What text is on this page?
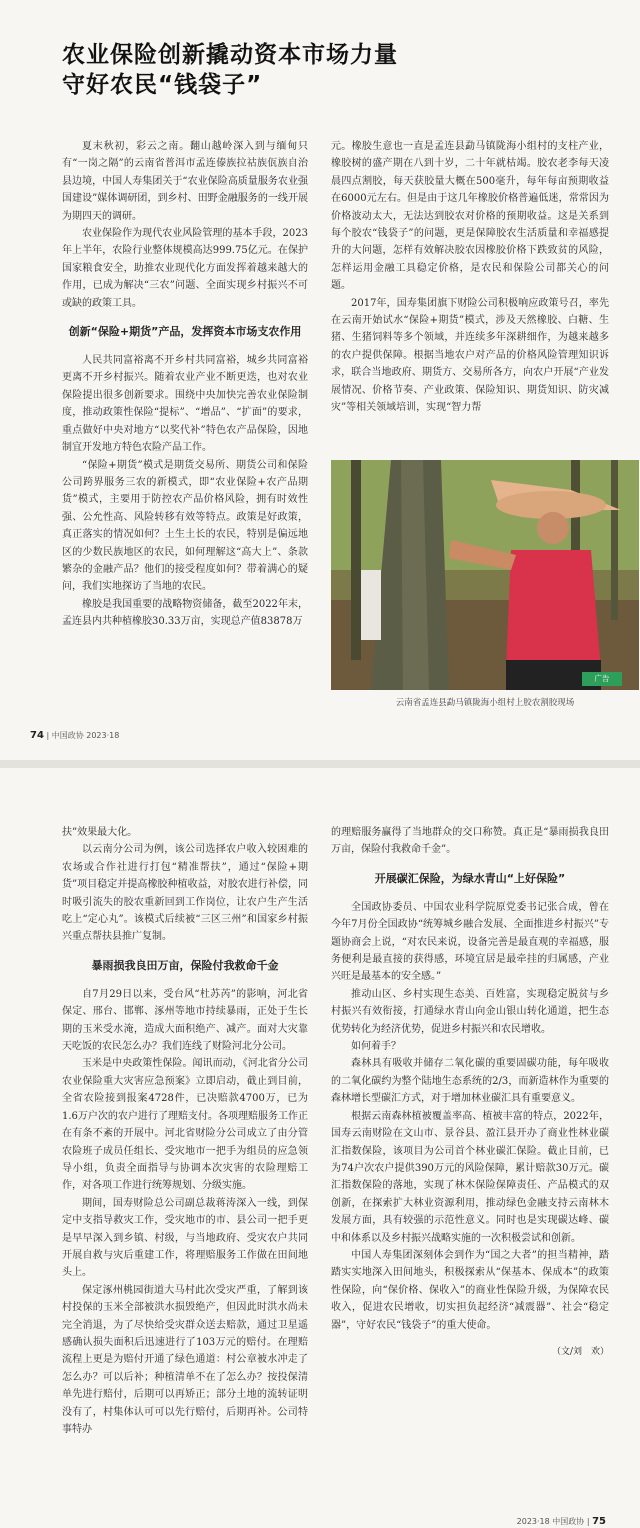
农业保险创新撬动资本市场力量
守好农民“钱袋子”

夏末秋初，彩云之南。翻山越岭深入到与缅甸只有“一岗之隔”的云南省普洱市孟连傣族拉祜族佤族自治县边境，中国人寿集团关于“农业保险高质量服务农业强国建设”媒体调研团，到乡村、田野金融服务的一线开展为期四天的调研。

农业保险作为现代农业风险管理的基本手段，2023年上半年，农险行业整体规模高达999.75亿元。在保护国家粮食安全，助推农业现代化方面发挥着越来越大的作用，已成为解决“三农”问题、全面实现乡村振兴不可或缺的政策工具。

创新“保险+期货”产品，发挥资本市场支农作用

人民共同富裕离不开乡村共同富裕，城乡共同富裕更离不开乡村振兴。随着农业产业不断更迭，也对农业保险提出很多创新要求。围绕中央加快完善农业保险制度，推动政策性保险“提标”、“增品”、“扩面”的要求，重点做好中央对地方“以奖代补”特色农产品保险，因地制宜开发地方特色农险产品工作。

“保险+期货”模式是期货交易所、期货公司和保险公司跨界服务三农的新模式，即“农业保险+农产品期货”模式，主要用于防控农产品价格风险，拥有时效性强、公允性高、风险转移有效等特点。政策是好政策，真正落实的情况如何？土生土长的农民，特别是偏远地区的少数民族地区的农民，如何理解这“高大上”、条款繁杂的金融产品？他们的接受程度如何？带着满心的疑问，我们实地探访了当地的农民。

橡胶是我国重要的战略物资储备，截至2022年末，孟连县内共种植橡胶30.33万亩，实现总产值83878万

元。橡胶生意也一直是孟连县勐马镇陇海小组村的支柱产业，橡胶树的盛产期在八到十岁，二十年就枯竭。胶农老李每天凌晨四点割胶，每天获胶量大概在500毫升，每年每亩预期收益在6000元左右。但是由于这几年橡胶价格普遍低迷，常常因为价格波动太大，无法达到胶农对价格的预期收益。这是关系到每个胶农“钱袋子”的问题，更是保障胶农生活质量和幸福感提升的大问题，怎样有效解决胶农因橡胶价格下跌致贫的风险，怎样运用金融工具稳定价格，是农民和保险公司都关心的问题。

2017年，国寿集团旗下财险公司积极响应政策号召，率先在云南开始试水“保险+期货”模式，涉及天然橡胶、白糖、生猪、生猪饲料等多个领域，并连续多年深耕细作，为越来越多的农户提供保障。根据当地农户对产品的价格风险管理知识诉求，联合当地政府、期货方、交易所各方，向农户开展“产业发展情况、价格节奏、产业政策、保险知识、期货知识、防灾减灾”等相关领域培训，实现“智力帮

广告
云南省孟连县勐马镇陇海小组村上胶农割胶现场
74 | 中国政协 2023·18

扶”效果最大化。

以云南分公司为例，该公司选择农户收入较困难的农场或合作社进行打包“精准帮扶”，通过“保险+期货”项目稳定并提高橡胶种植收益，对胶农进行补偿，同时吸引流失的胶农重新回到工作岗位，让农户生产生活吃上“定心丸”。该模式后续被“三区三州”和国家乡村振兴重点帮扶县推广复制。

暴雨损我良田万亩，保险付我救命千金

自7月29日以来，受台风“杜苏芮”的影响，河北省保定、邢台、邯郸、涿州等地市持续暴雨，正处于生长期的玉米受水淹，造成大面积绝产、减产。面对大灾靠天吃饭的农民怎么办？我们连线了财险河北分公司。

玉米是中央政策性保险。闻讯而动，《河北省分公司农业保险重大灾害应急预案》立即启动，截止到目前，全省农险接到报案4728件，已决赔款4700万，已为1.6万户次的农户进行了理赔支付。各项理赔服务工作正在有条不紊的开展中。河北省财险分公司成立了由分管农险班子成员任组长、受灾地市一把手为组员的应急领导小组，负责全面指导与协调本次灾害的农险理赔工作，对各项工作进行统筹规划、分级实施。

期间，国寿财险总公司副总裁蒋涛深入一线，到保定中支指导救灾工作，受灾地市的市、县公司一把手更是早早深入到乡镇、村级，与当地政府、受灾农户共同开展自救与灾后重建工作，将理赔服务工作做在田间地头上。

保定涿州桃园街道大马村此次受灾严重，了解到该村投保的玉米全部被洪水损毁绝产，但因此时洪水尚未完全消退，为了尽快给受灾群众送去赔款，通过卫星遥感确认损失面积后迅速进行了103万元的赔付。在理赔流程上更是为赔付开通了绿色通道：村公章被水冲走了怎么办？可以后补；种植清单不在了怎么办？按投保清单先进行赔付，后期可以再矫正；部分土地的流转证明没有了，村集体认可可以先行赔付，后期再补。公司特事特办

的理赔服务赢得了当地群众的交口称赞。真正是“暴雨损我良田万亩，保险付我救命千金”。

开展碳汇保险，为绿水青山“上好保险”

全国政协委员、中国农业科学院原党委书记张合成，曾在今年7月份全国政协“统筹城乡融合发展、全面推进乡村振兴”专题协商会上说，“对农民来说，设备完善是最直观的幸福感，服务便利是最直接的获得感，环境宜居是最牵挂的归属感，产业兴旺是最基本的安全感。”

推动山区、乡村实现生态美、百姓富，实现稳定脱贫与乡村振兴有效衔接，打通绿水青山向金山银山转化通道，把生态优势转化为经济优势，促进乡村振兴和农民增收。

如何着手？

森林具有吸收并储存二氧化碳的重要固碳功能，每年吸收的二氧化碳约为整个陆地生态系统的2/3，而新造林作为重要的森林增长型碳汇方式，对于增加林业碳汇具有重要意义。

根据云南森林植被覆盖率高、植被丰富的特点，2022年，国寿云南财险在文山市、景谷县、盈江县开办了商业性林业碳汇指数保险，该项目为公司首个林业碳汇保险。截止目前，已为74户次农户提供390万元的风险保障，累计赔款30万元。碳汇指数保险的落地，实现了林木保险保障责任、产品模式的双创新，在探索扩大林业资源利用，推动绿色金融支持云南林木发展方面，具有较强的示范性意义。同时也是实现碳达峰、碳中和体系以及乡村振兴战略实施的一次积极尝试和创新。

中国人寿集团深刻体会到作为“国之大者”的担当精神，踏踏实实地深入田间地头，积极探索从“保基本、保成本”的政策性保险，向“保价格、保收入”的商业性保险升级，为保障农民收入，促进农民增收，切实担负起经济“减震器”、社会“稳定器”，守好农民“钱袋子”的重大使命。

（文/刘　欢）

2023·18 中国政协 | 75
